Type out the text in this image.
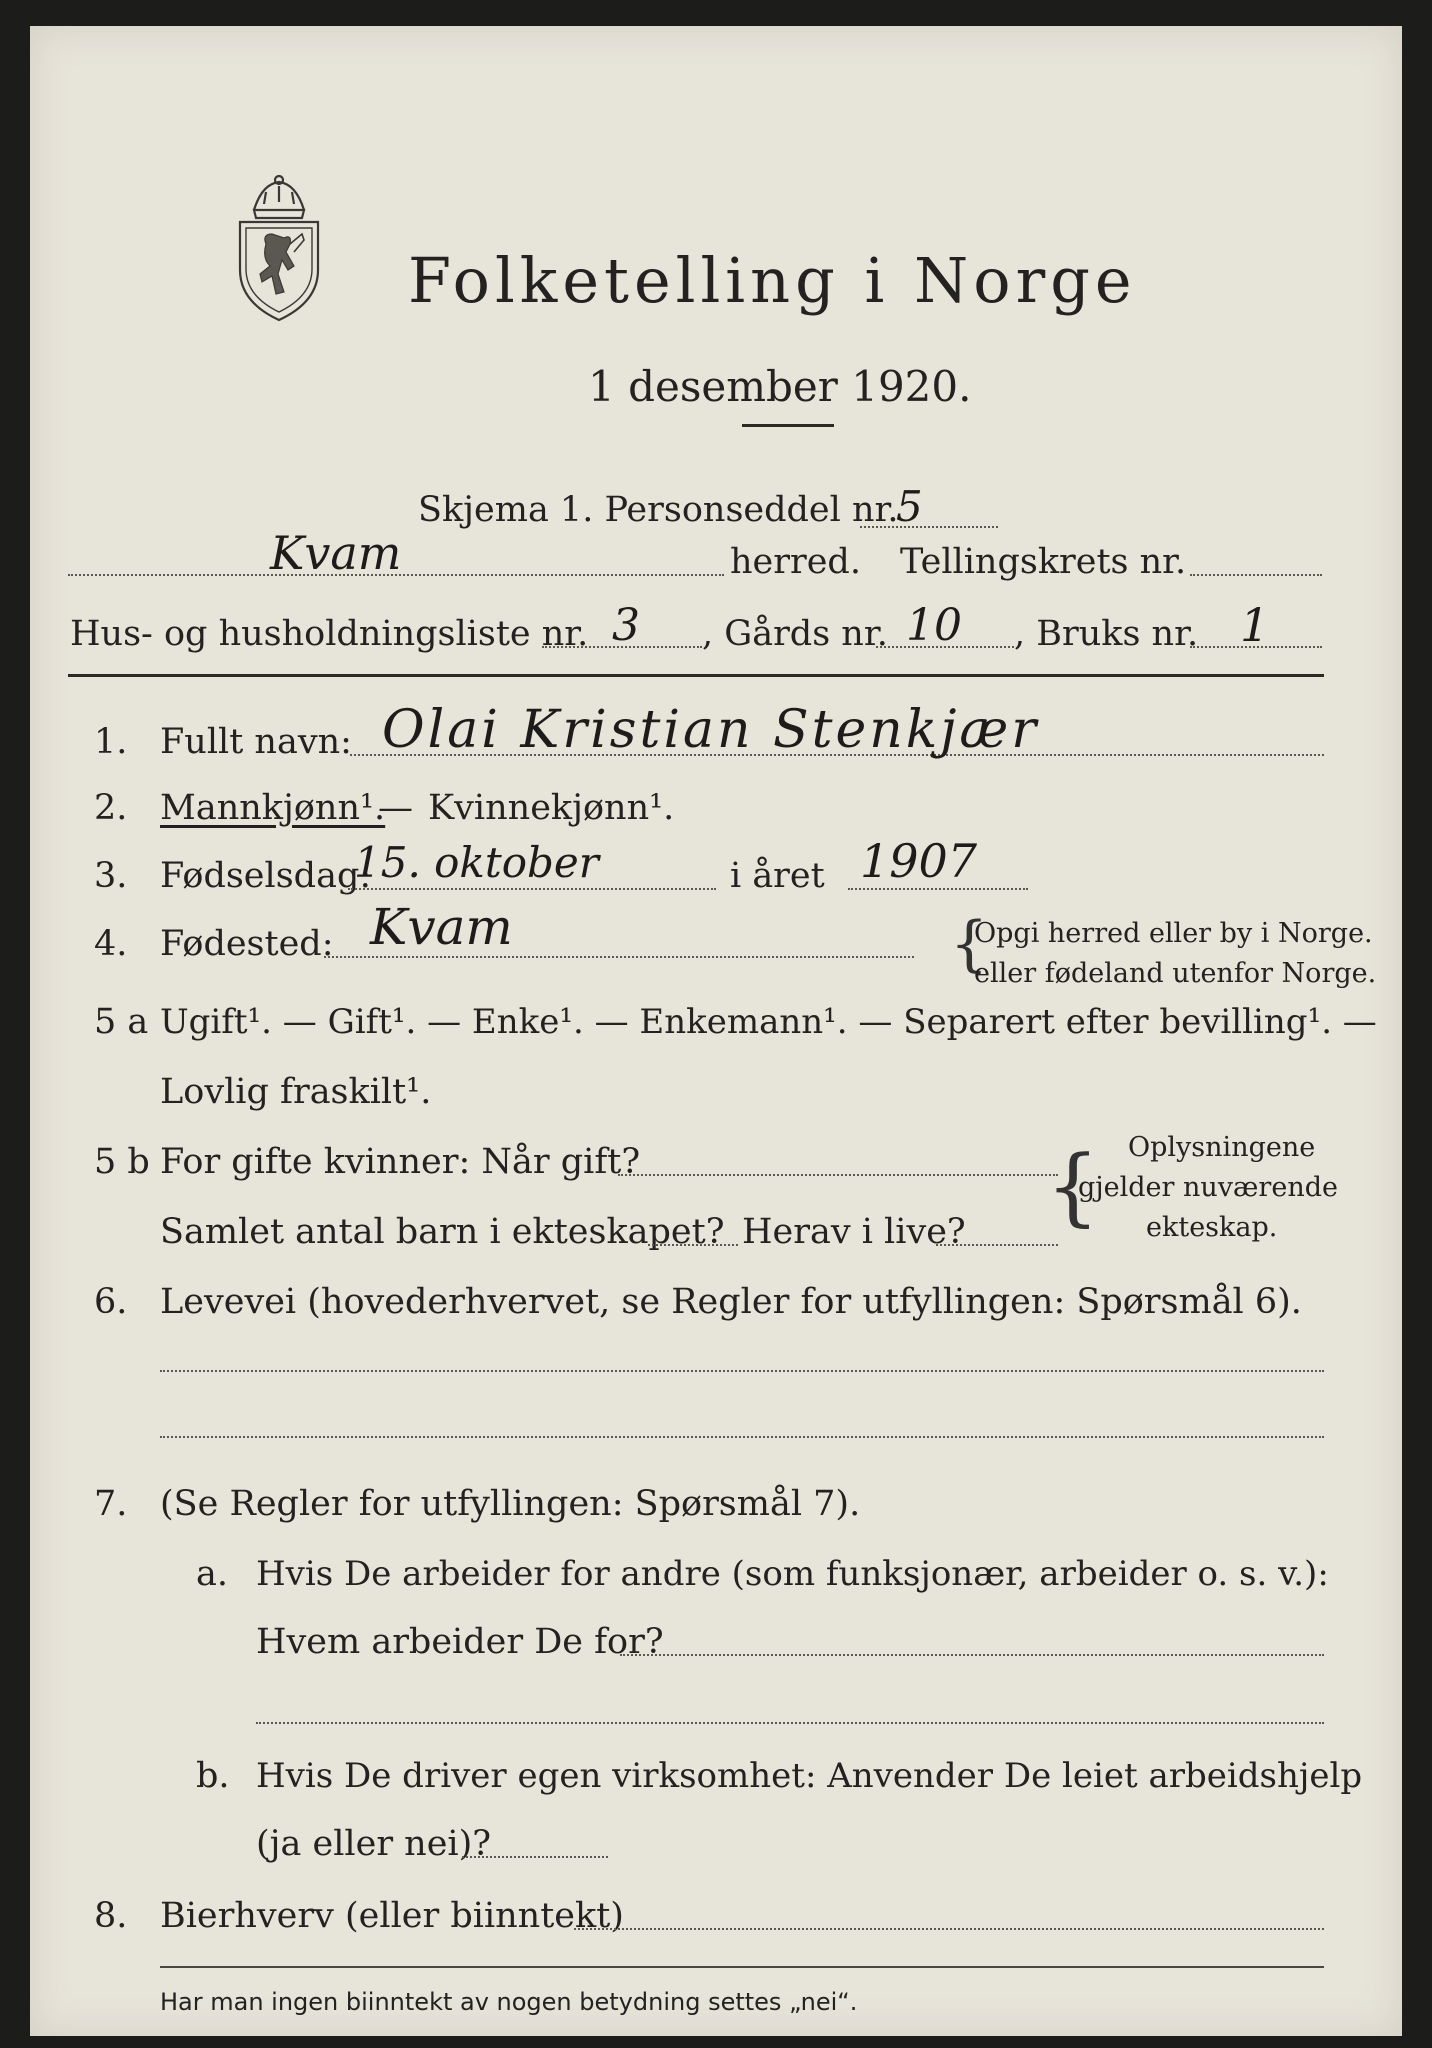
Folketelling i Norge
1 desember 1920.
Skjema 1. Personseddel nr.
5
Kvam	herred. Tellingskrets nr.
Hus- og husholdningsliste nr. 3 , Gårds nr. 10 , Bruks nr. 1
1. Fullt navn: Olai Kristian Stenkjær
2. Mannkjønn¹.
— Kvinnekjønn¹.
3. Fødselsdag:
15. oktober	i året 1907
4. Fødested: Kvam	{
Opgi herred eller by i Norge.
eller fødeland utenfor Norge.
5 a Ugift¹. — Gift¹. — Enke¹. — Enkemann¹. — Separert efter bevilling¹. —
Lovlig fraskilt¹.
5 b For gifte kvinner: Når gift?
Samlet antal barn i ekteskapet? Herav i live? { Oplysningene
gjelder nuværende
ekteskap.
6. Levevei (hovederhvervet, se Regler for utfyllingen: Spørsmål 6).
7. (Se Regler for utfyllingen: Spørsmål 7).
a. Hvis De arbeider for andre (som funksjonær, arbeider o. s. v.):
Hvem arbeider De for?
b. Hvis De driver egen virksomhet: Anvender De leiet arbeidshjelp
(ja eller nei)?
8. Bierhverv (eller biinntekt)
Har man ingen biinntekt av nogen betydning settes „nei“.
